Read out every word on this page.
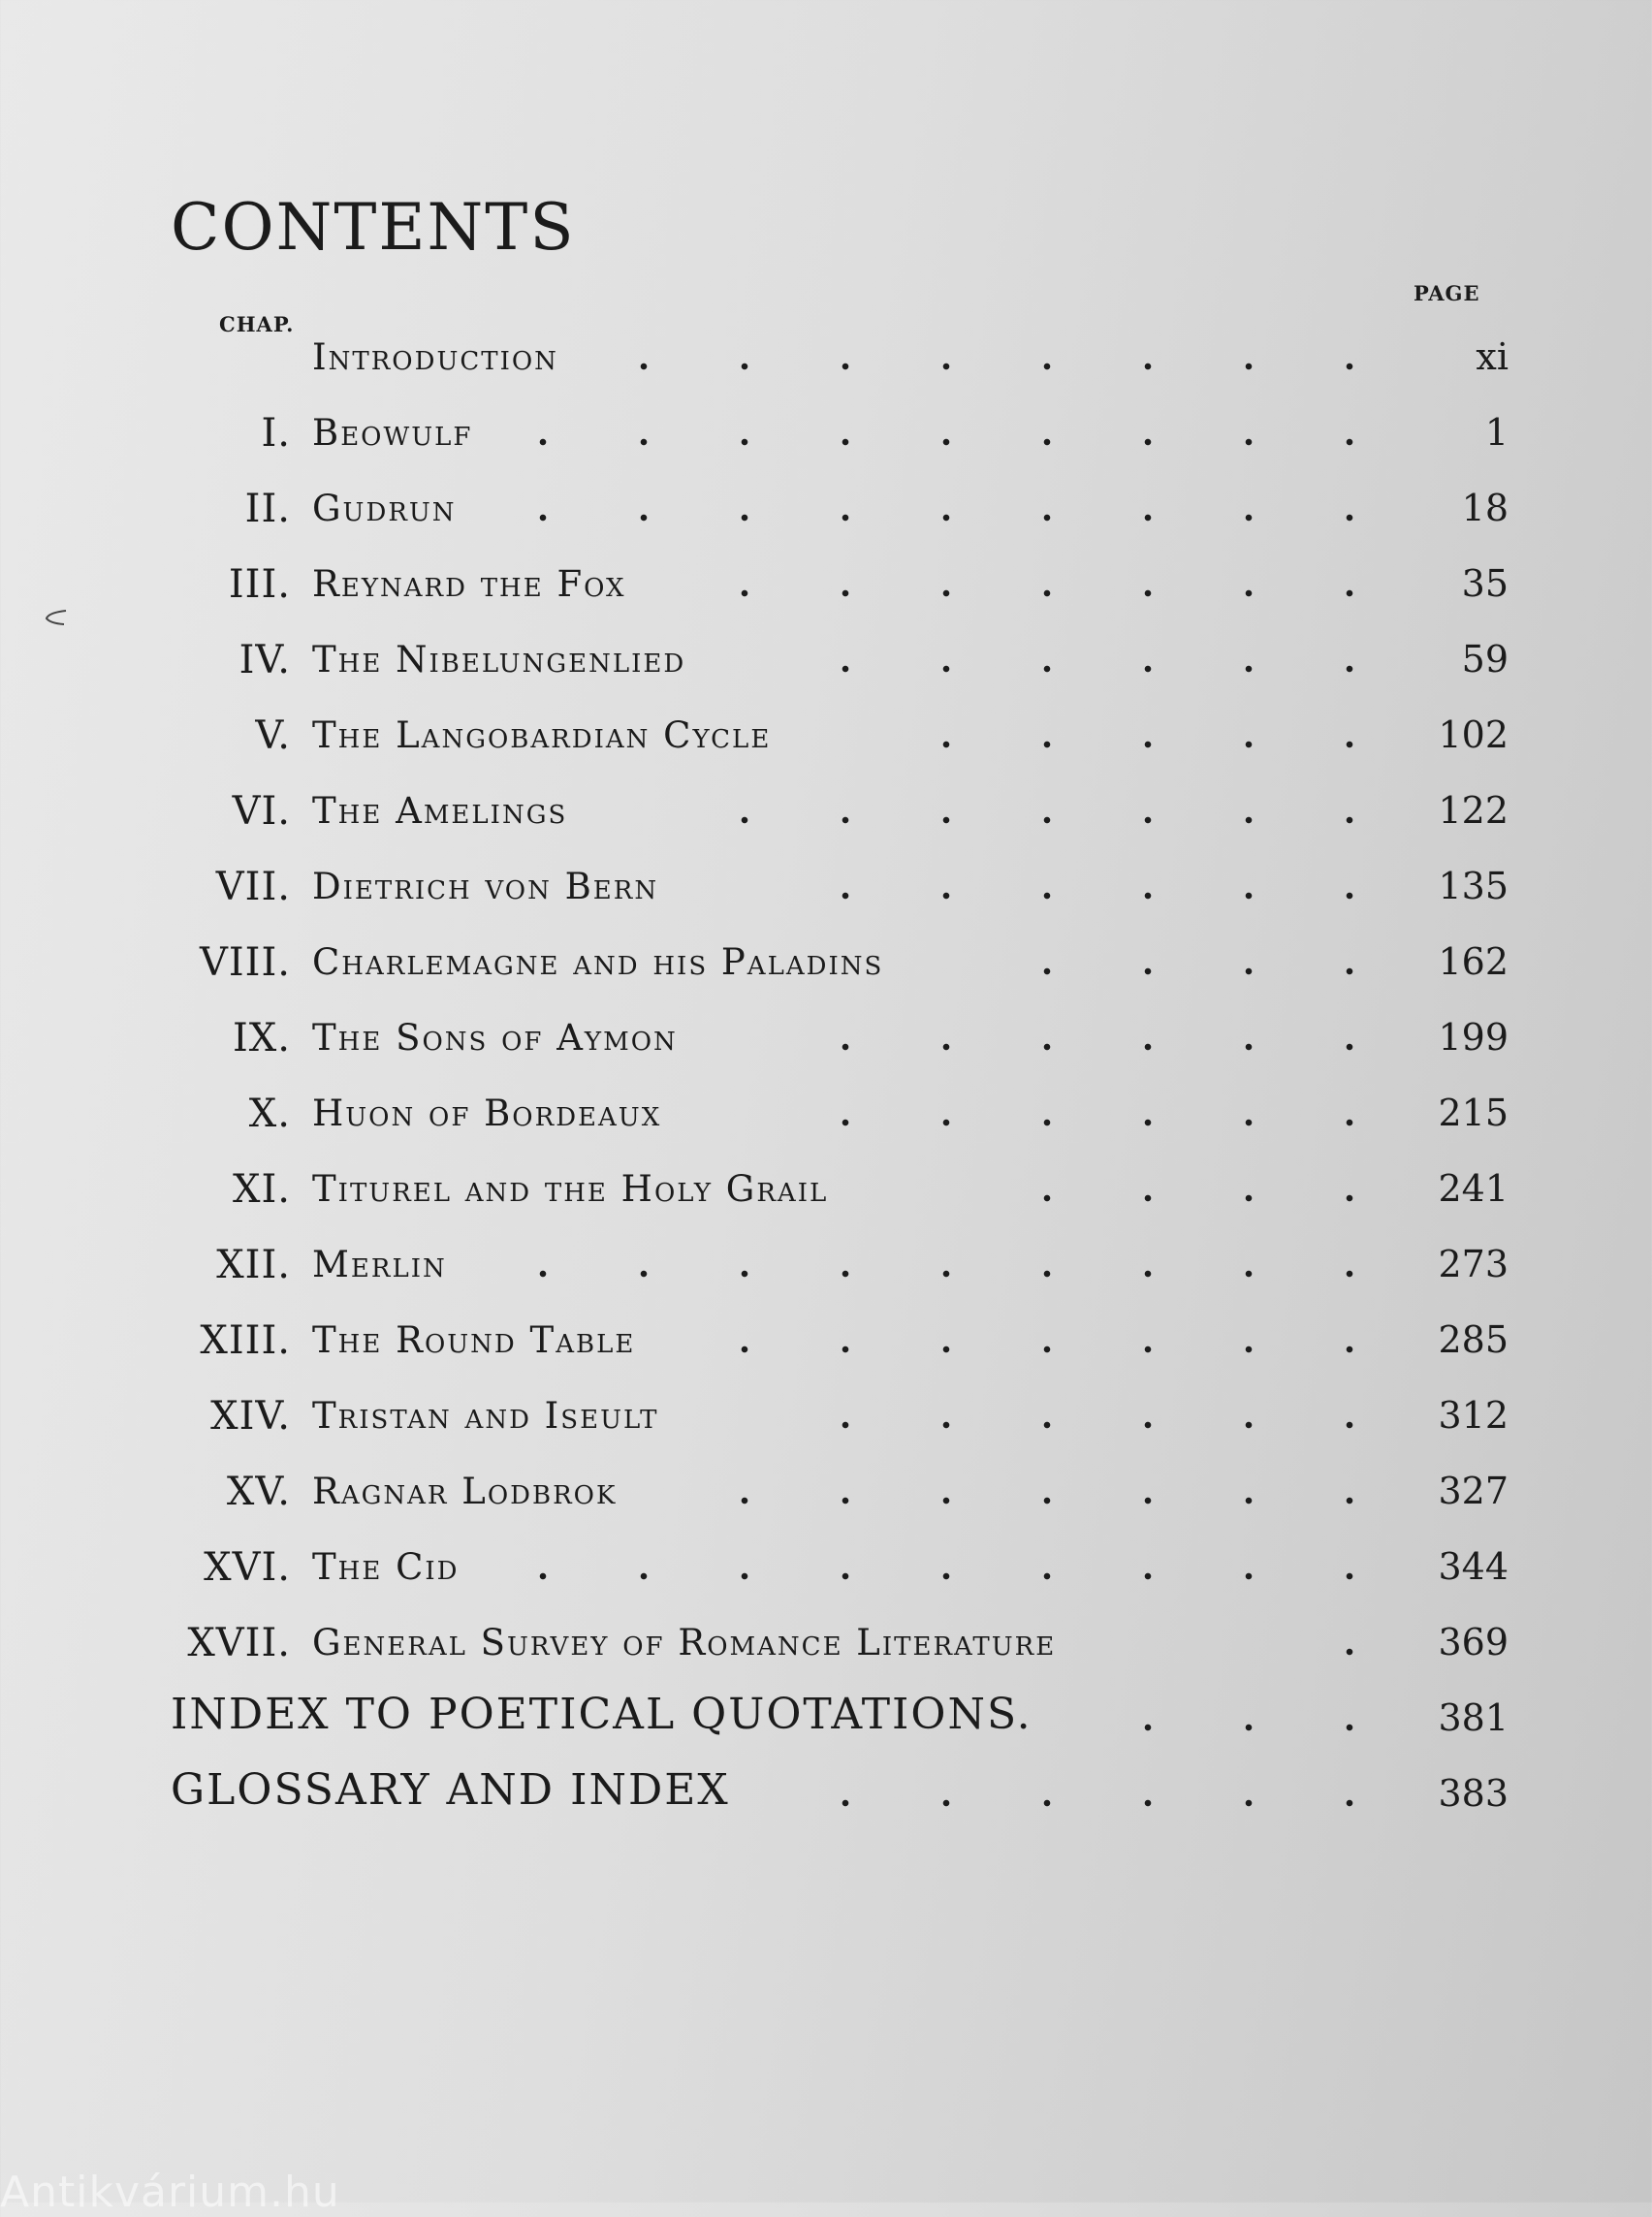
CONTENTS
CHAP.
PAGE
Introduction	xi
I. Beowulf	1
II. Gudrun	18
III. Reynard the Fox	35
IV. The Nibelungenlied	59
V. The Langobardian Cycle	102
VI. The Amelings	122
VII. Dietrich von Bern	135
VIII. Charlemagne and his Paladins	162
IX. The Sons of Aymon	199
X. Huon of Bordeaux	215
XI. Titurel and the Holy Grail	241
XII. Merlin	273
XIII. The Round Table	285
XIV. Tristan and Iseult	312
XV. Ragnar Lodbrok	327
XVI. The Cid	344
XVII. General Survey of Romance Literature	369
INDEX TO POETICAL QUOTATIONS.	381
GLOSSARY AND INDEX	383
Antikvárium.hu
